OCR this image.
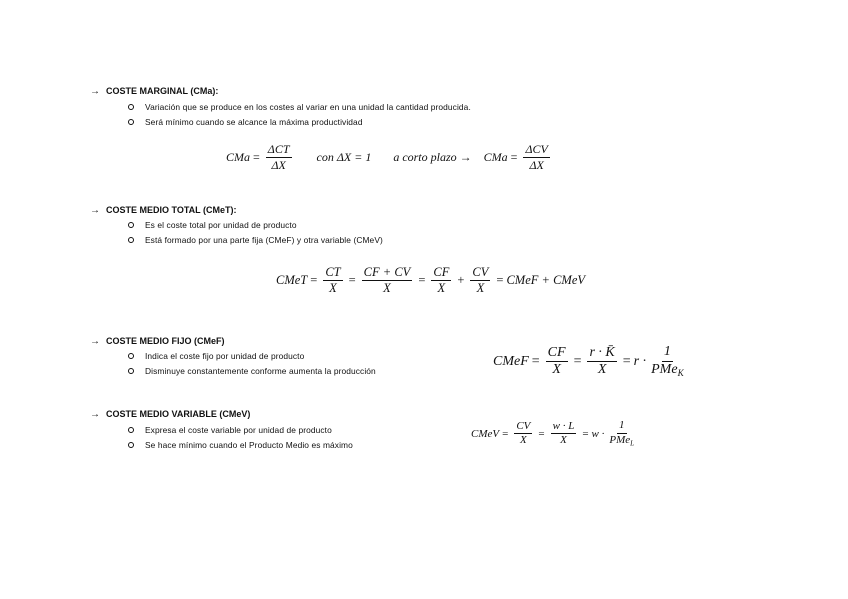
→ COSTE MARGINAL (CMa):
Variación que se produce en los costes al variar en una unidad la cantidad producida.
Será mínimo cuando se alcance la máxima productividad
CMa = $\frac{\text{ΔCT}}{\Delta X}$ con ΔX = 1 a corto plazo → CMa = $\frac{\text{ΔCV}}{\Delta X}$
→ COSTE MEDIO TOTAL (CMeT):
Es el coste total por unidad de producto
Está formado por una parte fija (CMeF) y otra variable (CMeV)
CMeT = $\frac{CT}{X} = \frac{CF + CV}{X} = \frac{CF}{X} + \frac{CV}{X}$ = CMeF + CMeV
→ COSTE MEDIO FIJO (CMeF)
Indica el coste fijo por unidad de producto
Disminuye constantemente conforme aumenta la producción
CMeF = $\frac{CF}{X} = \frac{r \cdot K̄}{X} = r \cdot \frac{1}{PMe_K}$
→ COSTE MEDIO VARIABLE (CMeV)
Expresa el coste variable por unidad de producto
Se hace mínimo cuando el Producto Medio es máximo
CMeV = $\frac{CV}{X} = \frac{w \cdot L}{X} = w \cdot \frac{1}{PMe_L}$
